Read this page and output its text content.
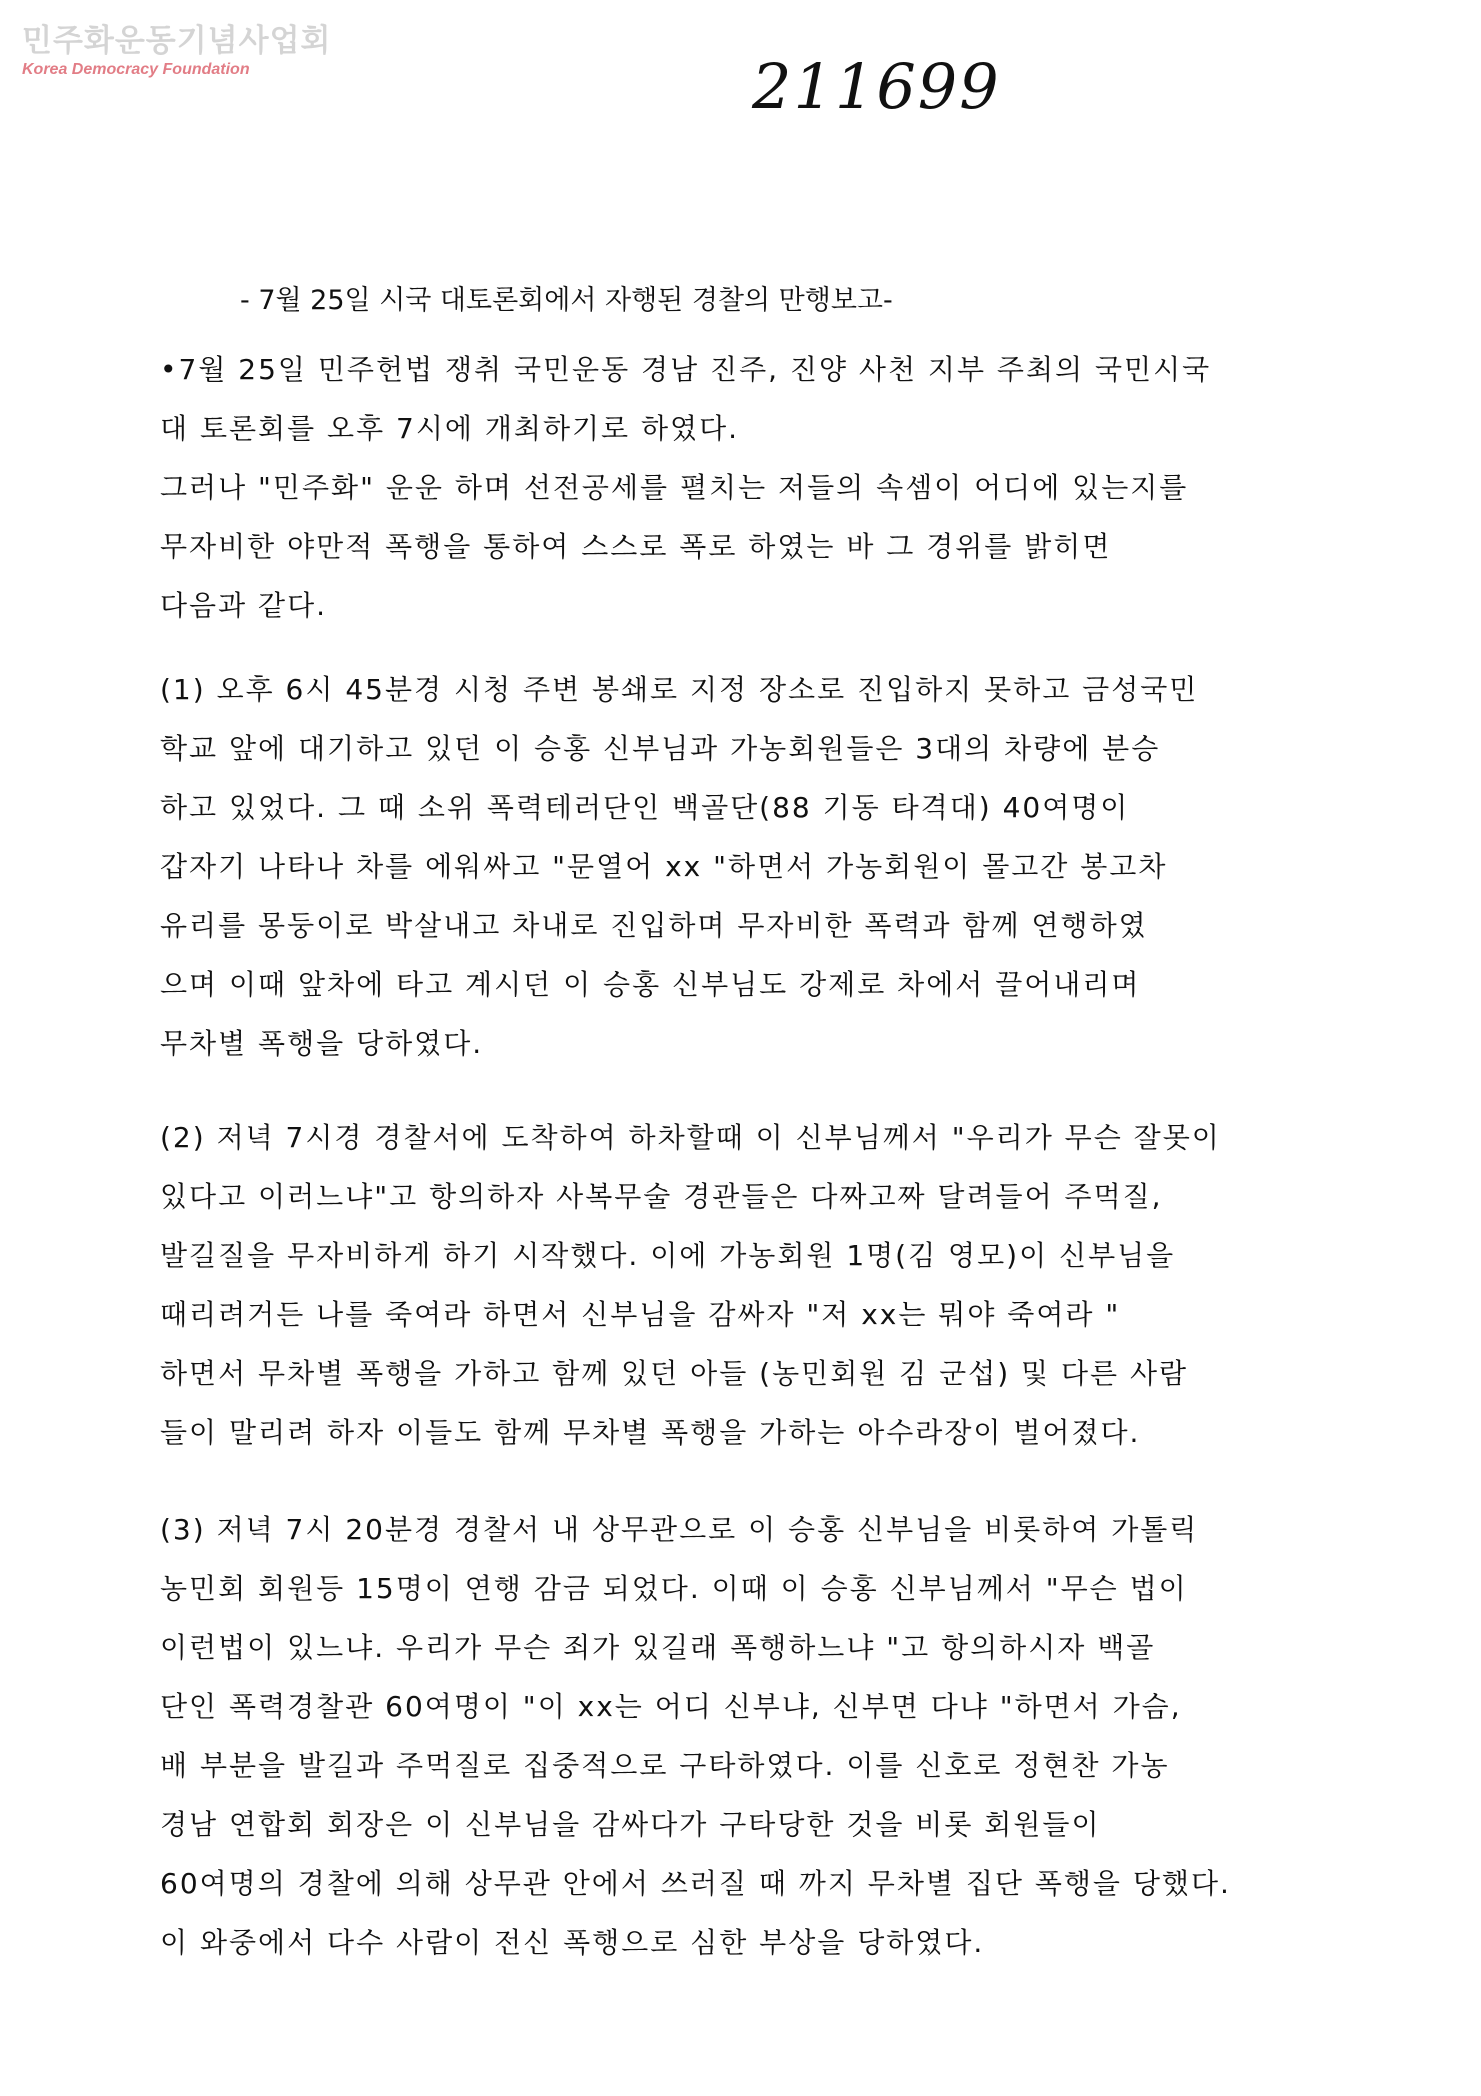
민주화운동기념사업회
Korea Democracy Foundation	211699
- 7월 25일 시국 대토론회에서 자행된 경찰의 만행보고-
•7월 25일 민주헌법 쟁취 국민운동 경남 진주, 진양 사천 지부 주최의 국민시국
대 토론회를 오후 7시에 개최하기로 하였다.
그러나 "민주화" 운운 하며 선전공세를 펼치는 저들의 속셈이 어디에 있는지를
무자비한 야만적 폭행을 통하여 스스로 폭로 하였는 바 그 경위를 밝히면
다음과 같다.
(1) 오후 6시 45분경 시청 주변 봉쇄로 지정 장소로 진입하지 못하고 금성국민
학교 앞에 대기하고 있던 이 승홍 신부님과 가농회원들은 3대의 차량에 분승
하고 있었다. 그 때 소위 폭력테러단인 백골단(88 기동 타격대) 40여명이
갑자기 나타나 차를 에워싸고 "문열어 xx "하면서 가농회원이 몰고간 봉고차
유리를 몽둥이로 박살내고 차내로 진입하며 무자비한 폭력과 함께 연행하였
으며 이때 앞차에 타고 계시던 이 승홍 신부님도 강제로 차에서 끌어내리며
무차별 폭행을 당하였다.
(2) 저녁 7시경 경찰서에 도착하여 하차할때 이 신부님께서 "우리가 무슨 잘못이
있다고 이러느냐"고 항의하자 사복무술 경관들은 다짜고짜 달려들어 주먹질,
발길질을 무자비하게 하기 시작했다. 이에 가농회원 1명(김 영모)이 신부님을
때리려거든 나를 죽여라 하면서 신부님을 감싸자 "저 xx는 뭐야 죽여라 "
하면서 무차별 폭행을 가하고 함께 있던 아들 (농민회원 김 군섭) 및 다른 사람
들이 말리려 하자 이들도 함께 무차별 폭행을 가하는 아수라장이 벌어졌다.
(3) 저녁 7시 20분경 경찰서 내 상무관으로 이 승홍 신부님을 비롯하여 가톨릭
농민회 회원등 15명이 연행 감금 되었다. 이때 이 승홍 신부님께서 "무슨 법이
이런법이 있느냐. 우리가 무슨 죄가 있길래 폭행하느냐 "고 항의하시자 백골
단인 폭력경찰관 60여명이 "이 xx는 어디 신부냐, 신부면 다냐 "하면서 가슴,
배 부분을 발길과 주먹질로 집중적으로 구타하였다. 이를 신호로 정현찬 가농
경남 연합회 회장은 이 신부님을 감싸다가 구타당한 것을 비롯 회원들이
60여명의 경찰에 의해 상무관 안에서 쓰러질 때 까지 무차별 집단 폭행을 당했다.
이 와중에서 다수 사람이 전신 폭행으로 심한 부상을 당하였다.
